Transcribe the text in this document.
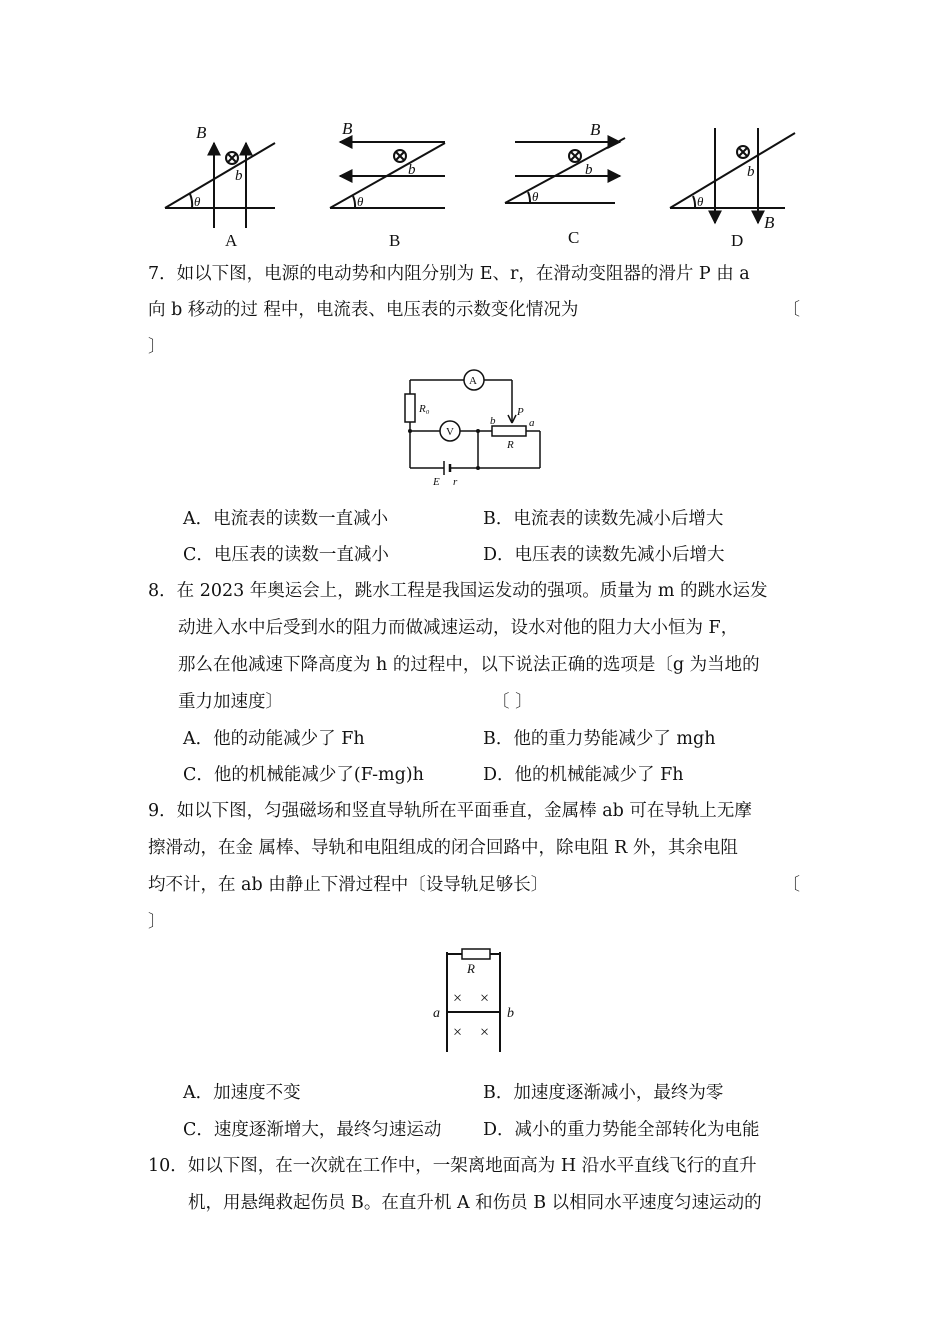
B
b
θ
A
B
b
θ
B
B
b
θ
C
B
b
θ
D
7．如以下图，电源的电动势和内阻分别为 E、r，在滑动变阻器的滑片 P 由 a
向 b 移动的过 程中，电流表、电压表的示数变化情况为	〔
〕
A
V
R₀	P
b	a
R
E r
A．电流表的读数一直减小	B．电流表的读数先减小后增大
C．电压表的读数一直减小	D．电压表的读数先减小后增大
8．在 2023 年奥运会上，跳水工程是我国运发动的强项。质量为 m 的跳水运发
动进入水中后受到水的阻力而做减速运动，设水对他的阻力大小恒为 F，
那么在他减速下降高度为 h 的过程中，以下说法正确的选项是〔g 为当地的
重力加速度〕	〔 〕
A．他的动能减少了 Fh	B．他的重力势能减少了 mgh
C．他的机械能减少了(F-mg)h	D．他的机械能减少了 Fh
9．如以下图，匀强磁场和竖直导轨所在平面垂直，金属棒 ab 可在导轨上无摩
擦滑动，在金 属棒、导轨和电阻组成的闭合回路中，除电阻 R 外，其余电阻
均不计，在 ab 由静止下滑过程中〔设导轨足够长〕	〔
〕
R
a	b
× ×
× ×
A．加速度不变	B．加速度逐渐减小，最终为零
C．速度逐渐增大，最终匀速运动 D．减小的重力势能全部转化为电能
10．如以下图，在一次就在工作中，一架离地面高为 H 沿水平直线飞行的直升
机，用悬绳救起伤员 B。在直升机 A 和伤员 B 以相同水平速度匀速运动的
